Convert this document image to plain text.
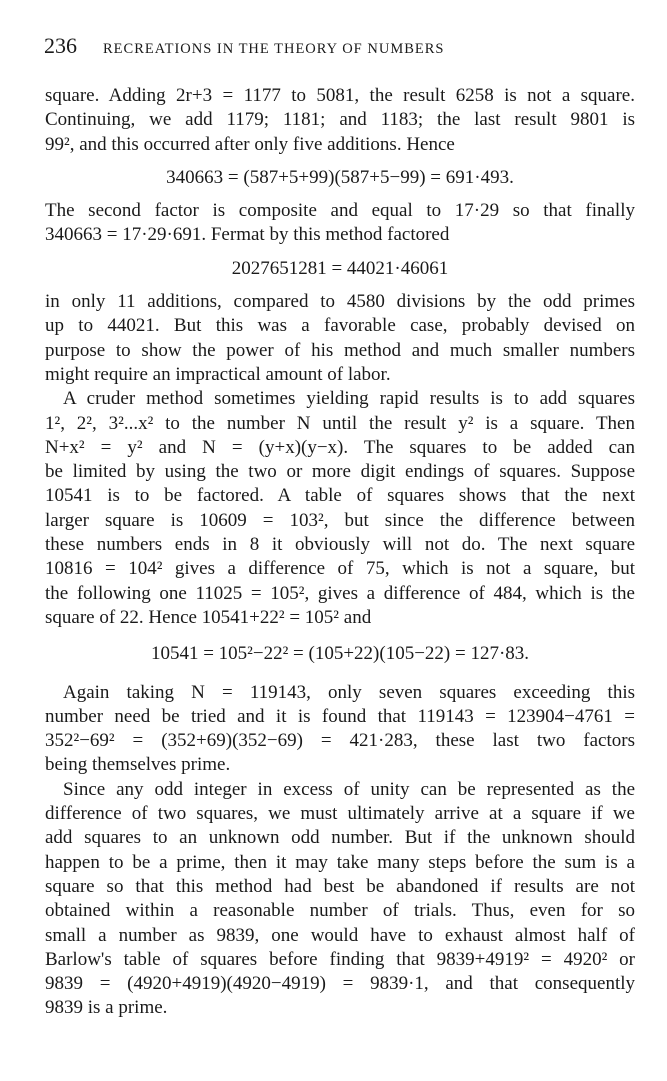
236 RECREATIONS IN THE THEORY OF NUMBERS
square. Adding 2r+3 = 1177 to 5081, the result 6258 is not a square.
Continuing, we add 1179; 1181; and 1183; the last result 9801 is
99², and this occurred after only five additions. Hence
340663 = (587+5+99)(587+5−99) = 691·493.
The second factor is composite and equal to 17·29 so that finally
340663 = 17·29·691. Fermat by this method factored
2027651281 = 44021·46061
in only 11 additions, compared to 4580 divisions by the odd primes
up to 44021. But this was a favorable case, probably devised on
purpose to show the power of his method and much smaller numbers
might require an impractical amount of labor.
A cruder method sometimes yielding rapid results is to add squares
1², 2², 3²...x² to the number N until the result y² is a square. Then
N+x² = y² and N = (y+x)(y−x). The squares to be added can
be limited by using the two or more digit endings of squares. Suppose
10541 is to be factored. A table of squares shows that the next
larger square is 10609 = 103², but since the difference between
these numbers ends in 8 it obviously will not do. The next square
10816 = 104² gives a difference of 75, which is not a square, but
the following one 11025 = 105², gives a difference of 484, which is the
square of 22. Hence 10541+22² = 105² and
10541 = 105²−22² = (105+22)(105−22) = 127·83.
Again taking N = 119143, only seven squares exceeding this
number need be tried and it is found that 119143 = 123904−4761 =
352²−69² = (352+69)(352−69) = 421·283, these last two factors
being themselves prime.
Since any odd integer in excess of unity can be represented as the
difference of two squares, we must ultimately arrive at a square if we
add squares to an unknown odd number. But if the unknown should
happen to be a prime, then it may take many steps before the sum is a
square so that this method had best be abandoned if results are not
obtained within a reasonable number of trials. Thus, even for so
small a number as 9839, one would have to exhaust almost half of
Barlow's table of squares before finding that 9839+4919² = 4920² or
9839 = (4920+4919)(4920−4919) = 9839·1, and that consequently
9839 is a prime.
